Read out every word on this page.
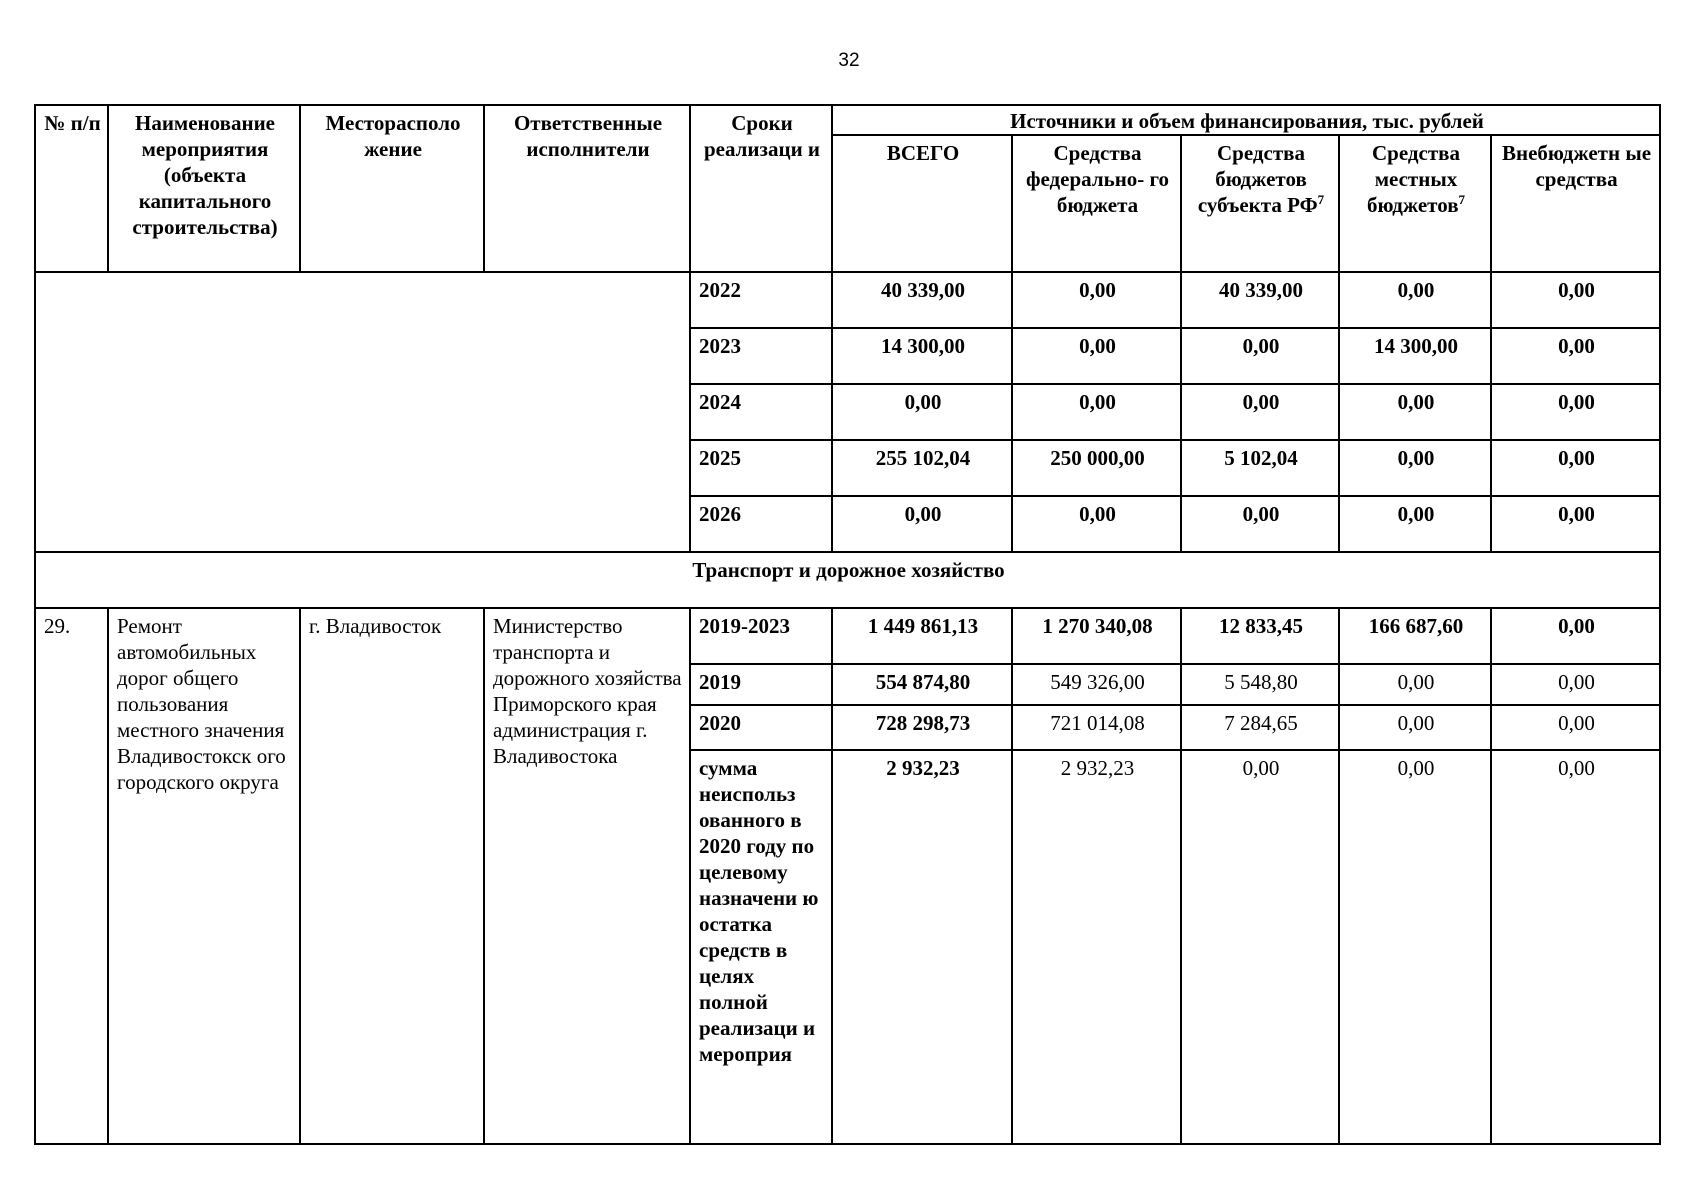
32
№ п/п	Наименование мероприятия (объекта капитального строительства)	Месторасполо жение	Ответственные исполнители	Сроки реализаци и	Источники и объем финансирования, тыс. рублей				
					ВСЕГО	Средства федерально- го бюджета	Средства бюджетов субъекта $РФ^7$	Средства местных бюджетов$^7$	Внебюджетн ые средства
				2022	40 339,00	0,00	40 339,00	0,00	0,00
				2023	14 300,00	0,00	0,00	14 300,00	0,00
				2024	0,00	0,00	0,00	0,00	0,00
				2025	255 102,04	250 000,00	5 102,04	0,00	0,00
				2026	0,00	0,00	0,00	0,00	0,00
Транспорт и дорожное хозяйство									
29.	Ремонт автомобильных дорог общего пользования местного значения Владивостокск ого городского округа	г. Владивосток	Министерство транспорта и дорожного хозяйства Приморского края администрация г. Владивостока	2019-2023	1 449 861,13	1 270 340,08	12 833,45	166 687,60	0,00
				2019	554 874,80	549 326,00	5 548,80	0,00	0,00
				2020	728 298,73	721 014,08	7 284,65	0,00	0,00
				сумма неиспольз ованного в 2020 году по целевому назначени ю остатка средств в целях полной реализаци и мероприя	2 932,23	2 932,23	0,00	0,00	0,00
